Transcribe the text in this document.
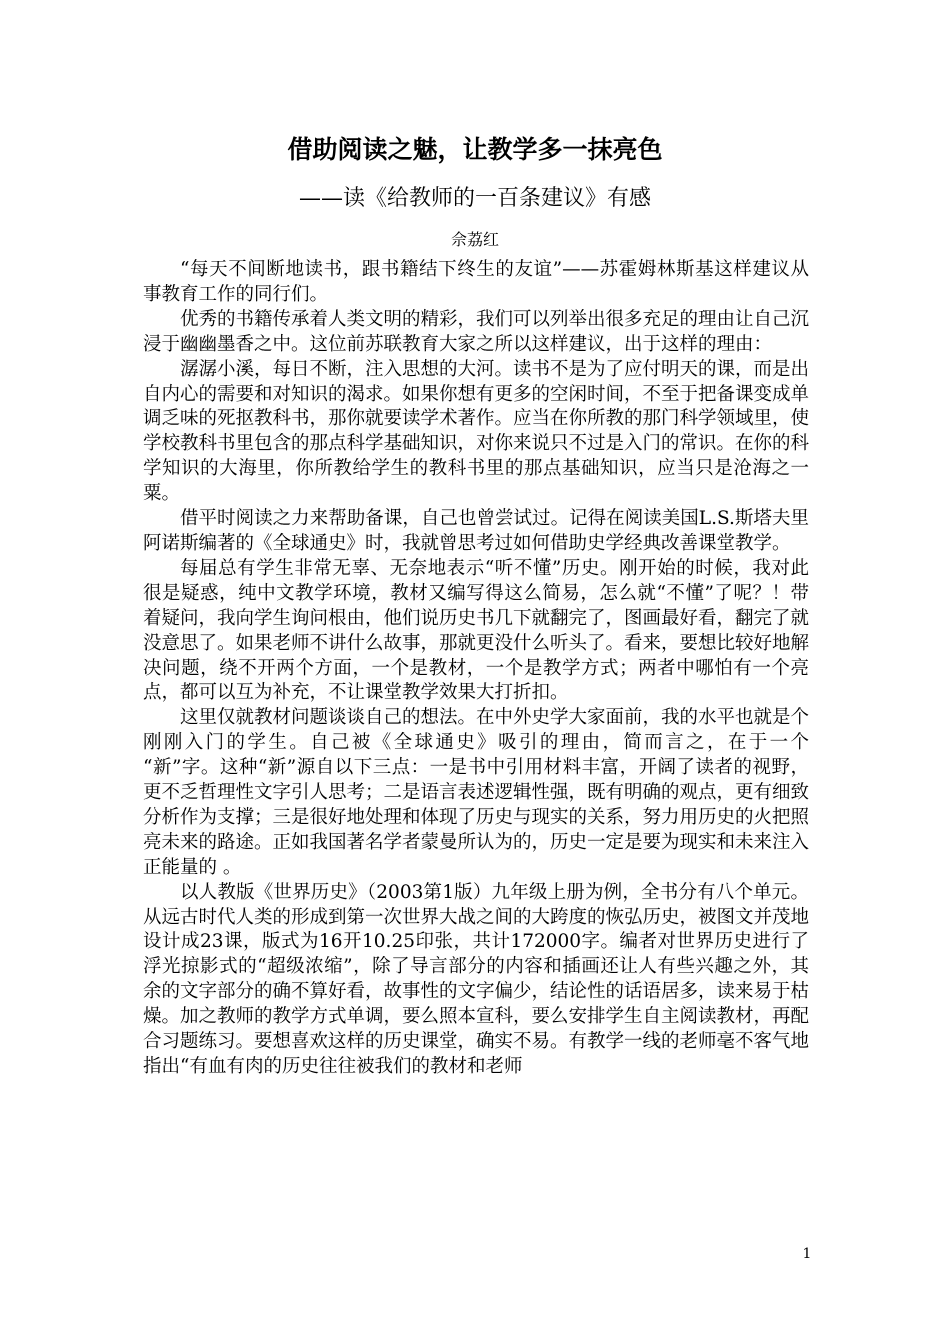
借助阅读之魅，让教学多一抹亮色
——读《给教师的一百条建议》有感
佘荔红

“每天不间断地读书，跟书籍结下终生的友谊”——苏霍姆林斯基这样建议从事教育工作的同行们。

优秀的书籍传承着人类文明的精彩，我们可以列举出很多充足的理由让自己沉浸于幽幽墨香之中。这位前苏联教育大家之所以这样建议，出于这样的理由：

潺潺小溪，每日不断，注入思想的大河。读书不是为了应付明天的课，而是出自内心的需要和对知识的渴求。如果你想有更多的空闲时间，不至于把备课变成单调乏味的死抠教科书，那你就要读学术著作。应当在你所教的那门科学领域里，使学校教科书里包含的那点科学基础知识，对你来说只不过是入门的常识。在你的科学知识的大海里，你所教给学生的教科书里的那点基础知识，应当只是沧海之一粟。

借平时阅读之力来帮助备课，自己也曾尝试过。记得在阅读美国L.S.斯塔夫里阿诺斯编著的《全球通史》时，我就曾思考过如何借助史学经典改善课堂教学。

每届总有学生非常无辜、无奈地表示“听不懂”历史。刚开始的时候，我对此很是疑惑，纯中文教学环境，教材又编写得这么简易，怎么就“不懂”了呢？！带着疑问，我向学生询问根由，他们说历史书几下就翻完了，图画最好看，翻完了就没意思了。如果老师不讲什么故事，那就更没什么听头了。看来，要想比较好地解决问题，绕不开两个方面，一个是教材，一个是教学方式；两者中哪怕有一个亮点，都可以互为补充，不让课堂教学效果大打折扣。

这里仅就教材问题谈谈自己的想法。在中外史学大家面前，我的水平也就是个刚刚入门的学生。自己被《全球通史》吸引的理由，简而言之，在于一个 “新”字。这种“新”源自以下三点：一是书中引用材料丰富，开阔了读者的视野，更不乏哲理性文字引人思考；二是语言表述逻辑性强，既有明确的观点，更有细致分析作为支撑；三是很好地处理和体现了历史与现实的关系，努力用历史的火把照亮未来的路途。正如我国著名学者蒙曼所认为的，历史一定是要为现实和未来注入正能量的 。

以人教版《世界历史》（2003第1版）九年级上册为例，全书分有八个单元。从远古时代人类的形成到第一次世界大战之间的大跨度的恢弘历史，被图文并茂地设计成23课，版式为16开10.25印张，共计172000字。编者对世界历史进行了浮光掠影式的“超级浓缩”，除了导言部分的内容和插画还让人有些兴趣之外，其余的文字部分的确不算好看，故事性的文字偏少，结论性的话语居多，读来易于枯燥。加之教师的教学方式单调，要么照本宣科，要么安排学生自主阅读教材，再配合习题练习。要想喜欢这样的历史课堂，确实不易。有教学一线的老师毫不客气地指出“有血有肉的历史往往被我们的教材和老师

1
